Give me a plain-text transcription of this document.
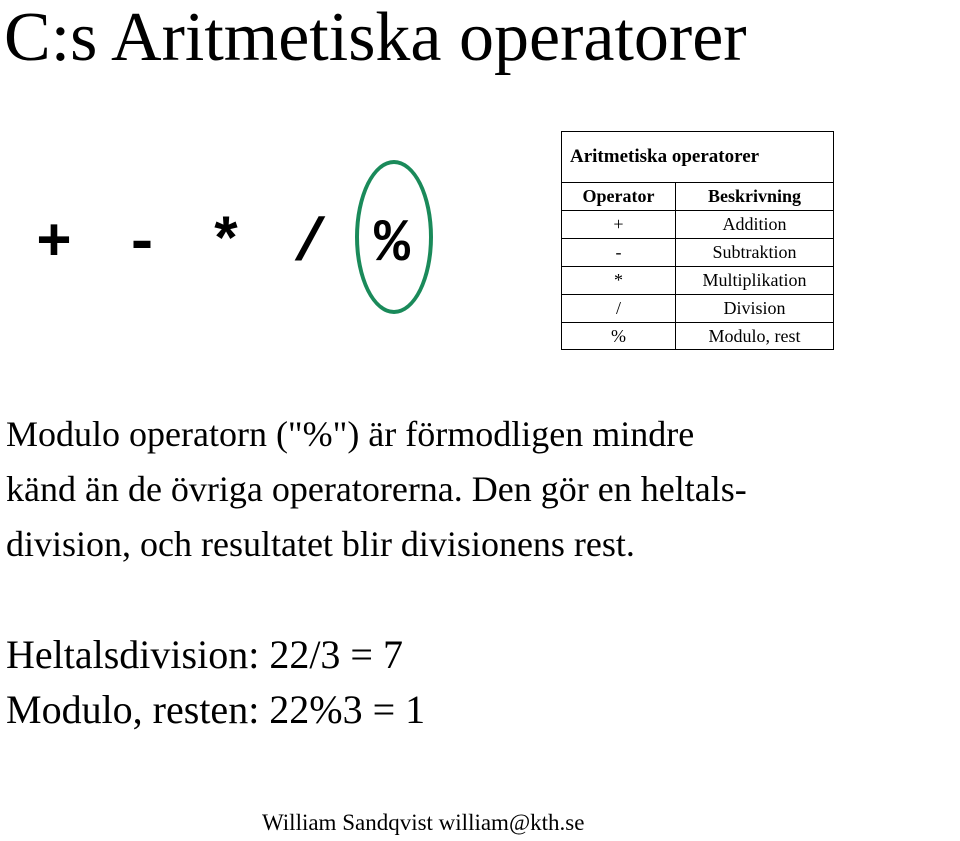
C:s Aritmetiska operatorer
+ - * / %
Aritmetiska operatorer
Operator	Beskrivning
+	Addition
-	Subtraktion
*	Multiplikation
/	Division
%	Modulo, rest
Modulo operatorn ("%") är förmodligen mindre
känd än de övriga operatorerna. Den gör en heltals-
division, och resultatet blir divisionens rest.
Heltalsdivision: 22/3 = 7
Modulo, resten: 22%3 = 1
William Sandqvist william@kth.se
